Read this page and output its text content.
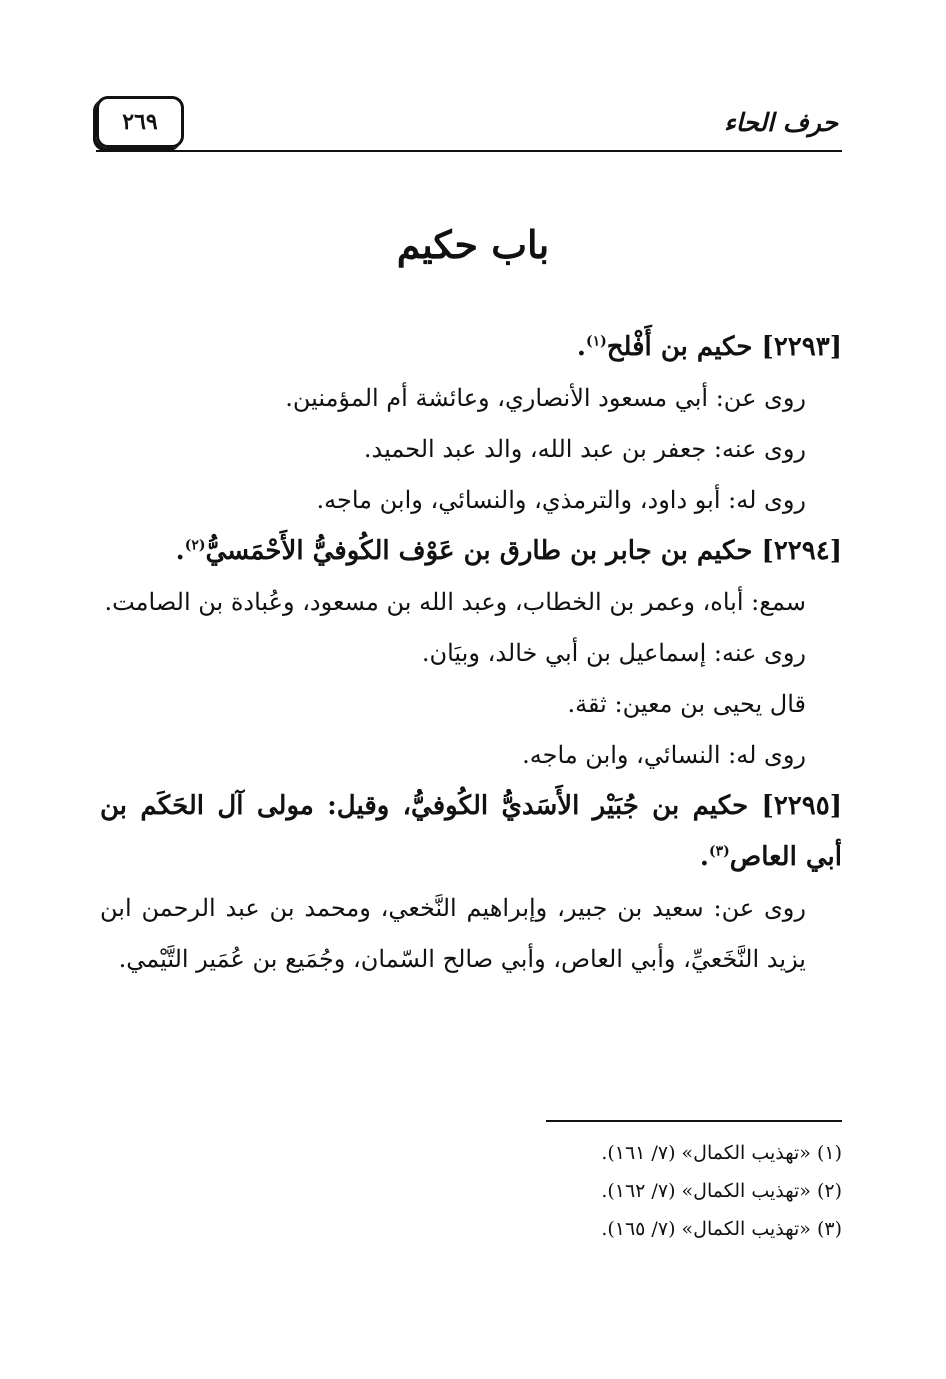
حرف الحاء
٢٦٩
باب حكيم

[٢٢٩٣] حكيم بن أَفْلح$^{(١)}$.

روى عن: أبي مسعود الأنصاري، وعائشة أم المؤمنين.

روى عنه: جعفر بن عبد الله، والد عبد الحميد.

روى له: أبو داود، والترمذي، والنسائي، وابن ماجه.

[٢٢٩٤] حكيم بن جابر بن طارق بن عَوْف الكُوفيُّ الأَحْمَسيُّ$^{(٢)}$.

سمع: أباه، وعمر بن الخطاب، وعبد الله بن مسعود، وعُبادة بن الصامت.

روى عنه: إسماعيل بن أبي خالد، وبيَان.

قال يحيى بن معين: ثقة.

روى له: النسائي، وابن ماجه.

[٢٢٩٥] حكيم بن جُبَيْر الأَسَديُّ الكُوفيُّ، وقيل: مولى آل الحَكَم بن أبي العاص$^{(٣)}$.

روى عن: سعيد بن جبير، وإبراهيم النَّخعي، ومحمد بن عبد الرحمن ابن يزيد النَّخَعيِّ، وأبي العاص، وأبي صالح السّمان، وجُمَيع بن عُمَير التَّيْمي.

(١) «تهذيب الكمال» (٧/ ١٦١).

(٢) «تهذيب الكمال» (٧/ ١٦٢).

(٣) «تهذيب الكمال» (٧/ ١٦٥).
